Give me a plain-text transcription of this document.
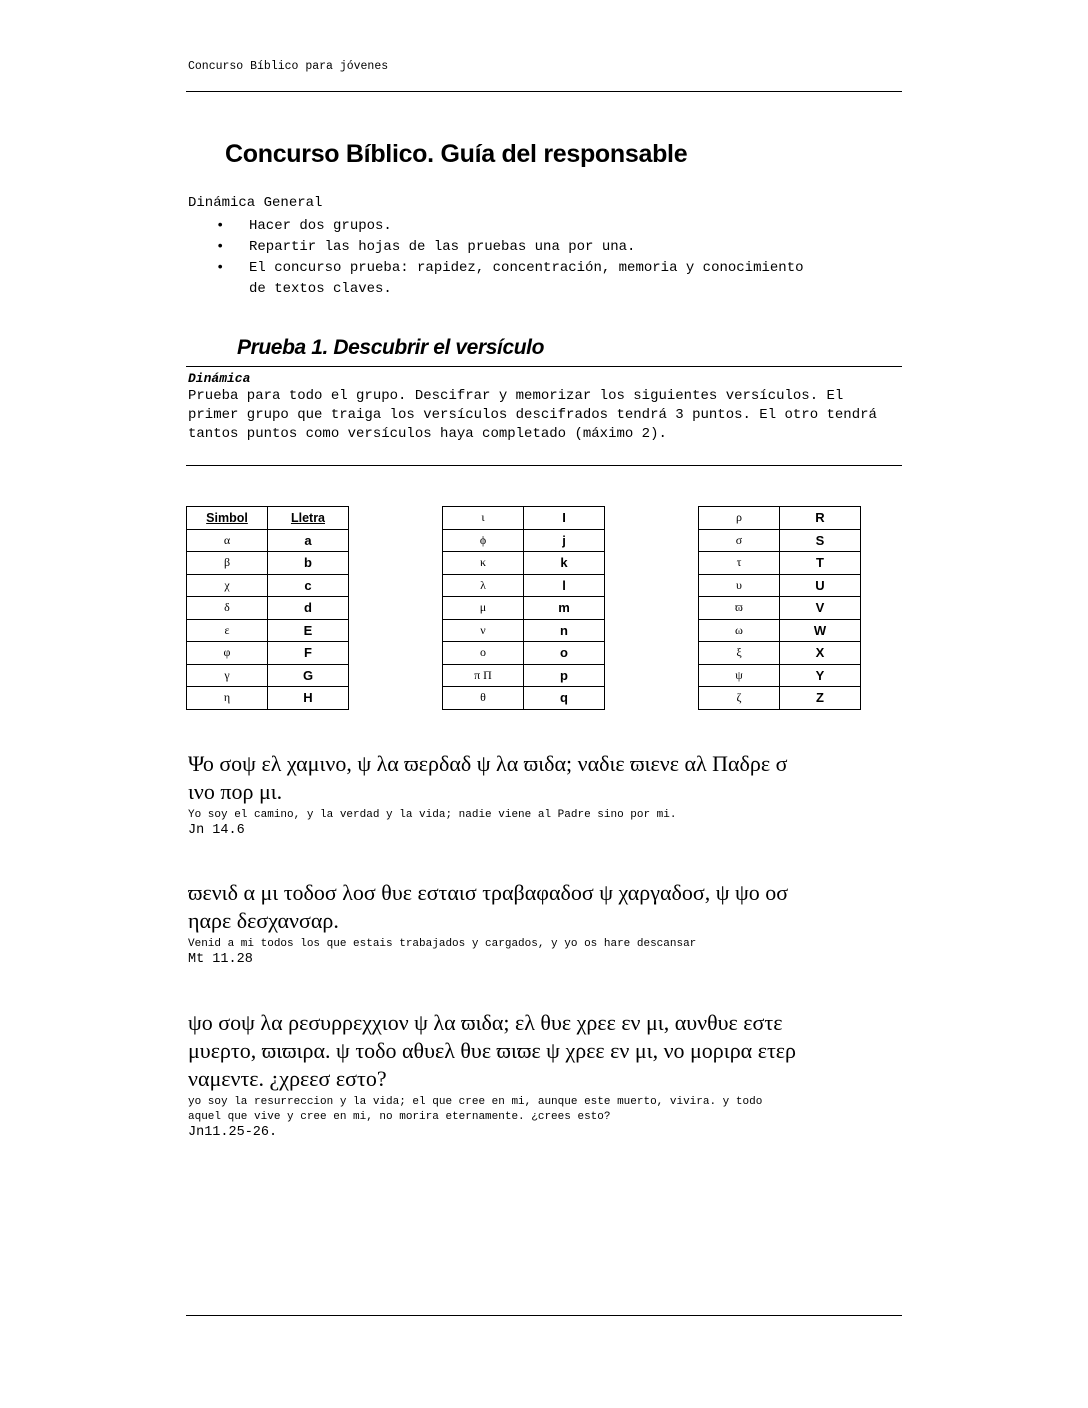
Concurso Bíblico para jóvenes
Concurso Bíblico. Guía del responsable
Dinámica General
• Hacer dos grupos.
• Repartir las hojas de las pruebas una por una.
• El concurso prueba: rapidez, concentración, memoria y conocimiento de textos claves.
Prueba 1. Descubrir el versículo
Dinámica
Prueba para todo el grupo. Descifrar y memorizar los siguientes versículos. El primer grupo que traiga los versículos descifrados tendrá 3 puntos. El otro tendrá tantos puntos como versículos haya completado (máximo 2).
Simbol	Lletra
α	a
β	b
χ	c
δ	d
ε	E
φ	F
γ	G
η	H
ι	I
ϕ	j
κ	k
λ	l
μ	m
ν	n
ο	o
π Π	p
θ	q
ρ	R
σ	S
τ	T
υ	U
ϖ	V
ω	W
ξ	X
ψ	Y
ζ	Z
Ψο σοψ ελ χαμινο, ψ λα ϖερδαδ ψ λα ϖιδα; ναδιε ϖιενε αλ Παδρε σ
ινο πορ μι.
Yo soy el camino, y la verdad y la vida; nadie viene al Padre sino por mi.
Jn 14.6
ϖενιδ α μι τοδοσ λοσ θυε εσταισ τραβαφαδοσ ψ χαργαδοσ, ψ ψο οσ
ηαρε δεσχανσαρ.
Venid a mi todos los que estais trabajados y cargados, y yo os hare descansar
Mt 11.28
ψο σοψ λα ρεσυρρεχχιον ψ λα ϖιδα; ελ θυε χρεε εν μι, αυνθυε εστε
μυερτο, ϖιϖιρα. ψ τοδο αθυελ θυε ϖιϖε ψ χρεε εν μι, νο μοριρα ετερ
ναμεντε. ¿χρεεσ εστο?
yo soy la resurreccion y la vida; el que cree en mi, aunque este muerto, vivira. y todo
aquel que vive y cree en mi, no morira eternamente. ¿crees esto?
Jn11.25-26.
